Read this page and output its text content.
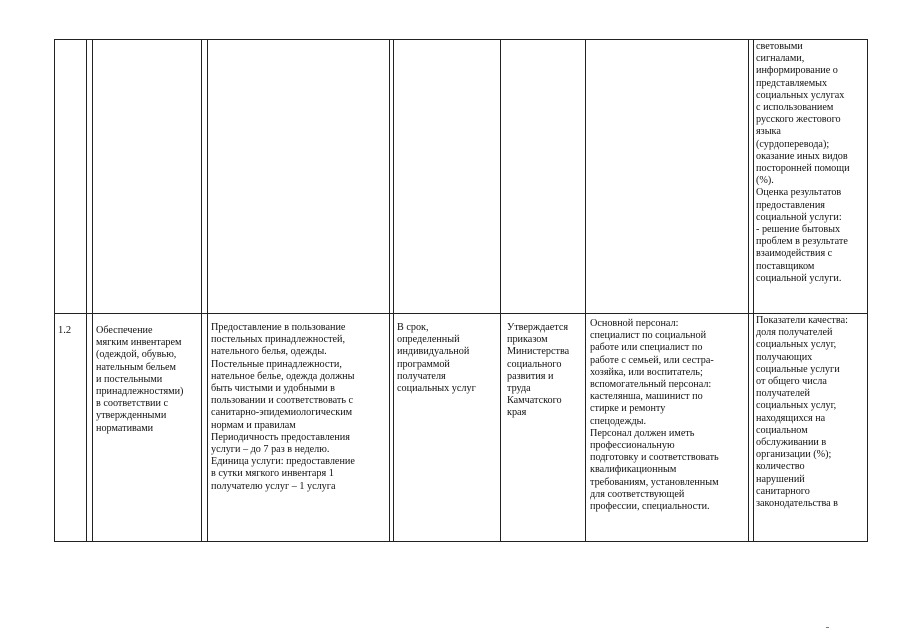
световыми

сигналами,

информирование о

представляемых

социальных услугах

с использованием

русского жестового

языка

(сурдоперевода);

оказание иных видов

посторонней помощи

(%).

Оценка результатов

предоставления

социальной услуги:

- решение бытовых

проблем в результате

взаимодействия с

поставщиком

социальной услуги.

1.2	Обеспечение

мягким инвентарем

(одеждой, обувью,

нательным бельем

и постельными

принадлежностями)

в соответствии с

утвержденными

нормативами

Предоставление в пользование

постельных принадлежностей,

нательного белья, одежды.

Постельные принадлежности,

нательное белье, одежда должны

быть чистыми и удобными в

пользовании и соответствовать с

санитарно-эпидемиологическим

нормам и правилам

Периодичность предоставления

услуги – до 7 раз в неделю.

Единица услуги: предоставление

в сутки мягкого инвентаря 1

получателю услуг – 1 услуга

В срок,

определенный

индивидуальной

программой

получателя

социальных услуг

Утверждается

приказом

Министерства

социального

развития и

труда

Камчатского

края

Основной персонал:

специалист по социальной

работе или специалист по

работе с семьей, или сестра-

хозяйка, или воспитатель;

вспомогательный персонал:

кастелянша, машинист по

стирке и ремонту

спецодежды.

Персонал должен иметь

профессиональную

подготовку и соответствовать

квалификационным

требованиям, установленным

для соответствующей

профессии, специальности.

Показатели качества:

доля получателей

социальных услуг,

получающих

социальные услуги

от общего числа

получателей

социальных услуг,

находящихся на

социальном

обслуживании в

организации (%);

количество

нарушений

санитарного

законодательства в
